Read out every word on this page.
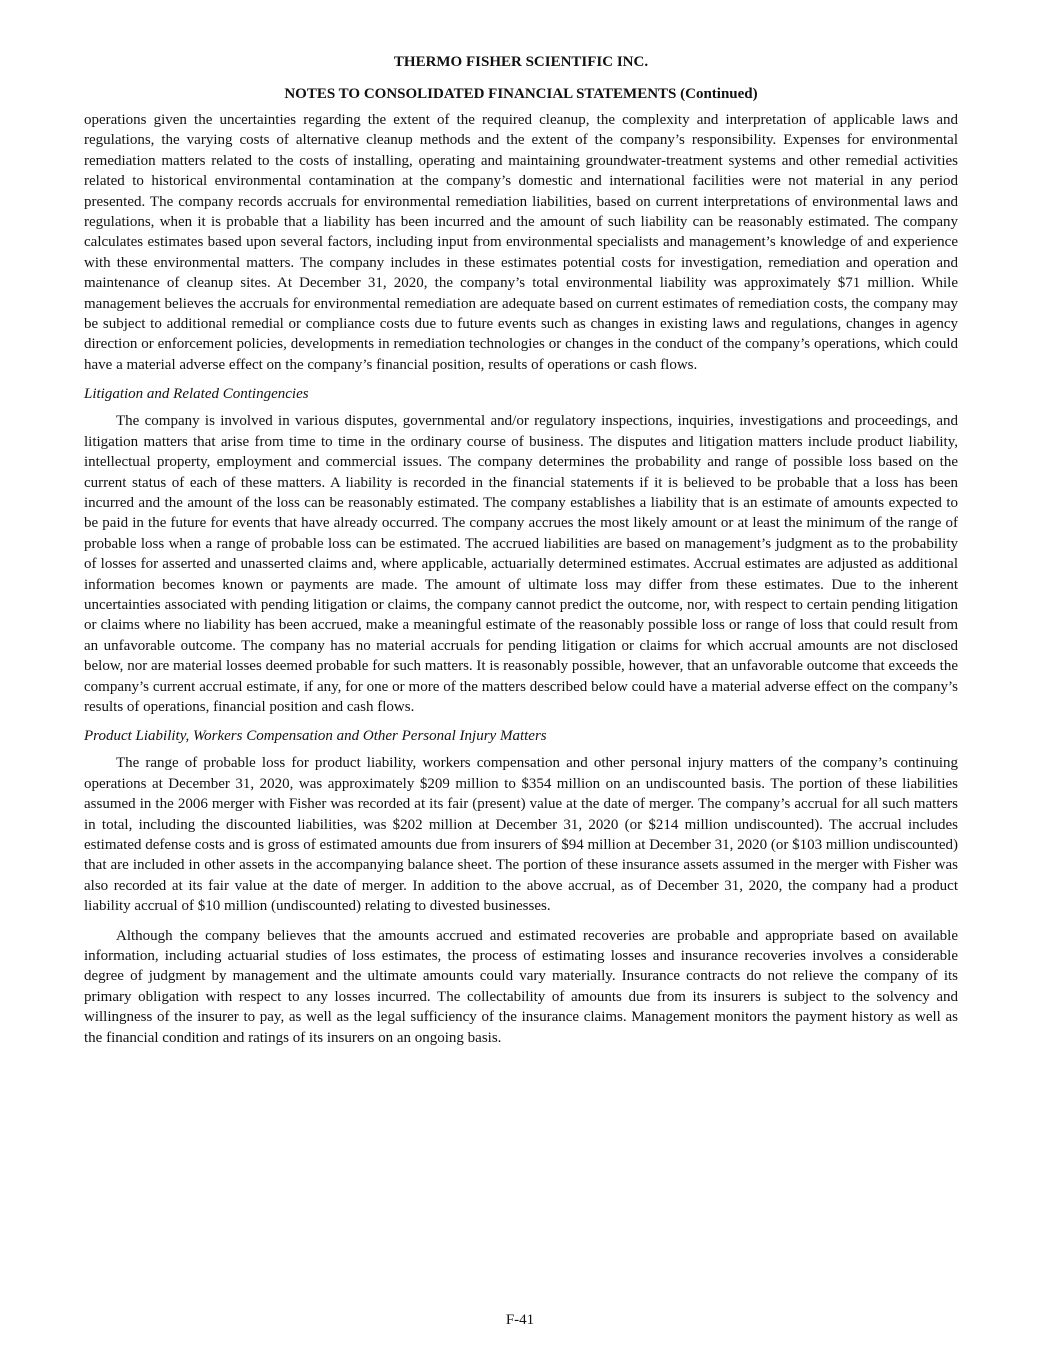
THERMO FISHER SCIENTIFIC INC.
NOTES TO CONSOLIDATED FINANCIAL STATEMENTS (Continued)

operations given the uncertainties regarding the extent of the required cleanup, the complexity and interpretation of applicable laws and regulations, the varying costs of alternative cleanup methods and the extent of the company’s responsibility. Expenses for environmental remediation matters related to the costs of installing, operating and maintaining groundwater-treatment systems and other remedial activities related to historical environmental contamination at the company’s domestic and international facilities were not material in any period presented. The company records accruals for environmental remediation liabilities, based on current interpretations of environmental laws and regulations, when it is probable that a liability has been incurred and the amount of such liability can be reasonably estimated. The company calculates estimates based upon several factors, including input from environmental specialists and management’s knowledge of and experience with these environmental matters. The company includes in these estimates potential costs for investigation, remediation and operation and maintenance of cleanup sites. At December 31, 2020, the company’s total environmental liability was approximately $71 million. While management believes the accruals for environmental remediation are adequate based on current estimates of remediation costs, the company may be subject to additional remedial or compliance costs due to future events such as changes in existing laws and regulations, changes in agency direction or enforcement policies, developments in remediation technologies or changes in the conduct of the company’s operations, which could have a material adverse effect on the company’s financial position, results of operations or cash flows.

Litigation and Related Contingencies

The company is involved in various disputes, governmental and/or regulatory inspections, inquiries, investigations and proceedings, and litigation matters that arise from time to time in the ordinary course of business. The disputes and litigation matters include product liability, intellectual property, employment and commercial issues. The company determines the probability and range of possible loss based on the current status of each of these matters. A liability is recorded in the financial statements if it is believed to be probable that a loss has been incurred and the amount of the loss can be reasonably estimated. The company establishes a liability that is an estimate of amounts expected to be paid in the future for events that have already occurred. The company accrues the most likely amount or at least the minimum of the range of probable loss when a range of probable loss can be estimated. The accrued liabilities are based on management’s judgment as to the probability of losses for asserted and unasserted claims and, where applicable, actuarially determined estimates. Accrual estimates are adjusted as additional information becomes known or payments are made. The amount of ultimate loss may differ from these estimates. Due to the inherent uncertainties associated with pending litigation or claims, the company cannot predict the outcome, nor, with respect to certain pending litigation or claims where no liability has been accrued, make a meaningful estimate of the reasonably possible loss or range of loss that could result from an unfavorable outcome. The company has no material accruals for pending litigation or claims for which accrual amounts are not disclosed below, nor are material losses deemed probable for such matters. It is reasonably possible, however, that an unfavorable outcome that exceeds the company’s current accrual estimate, if any, for one or more of the matters described below could have a material adverse effect on the company’s results of operations, financial position and cash flows.

Product Liability, Workers Compensation and Other Personal Injury Matters

The range of probable loss for product liability, workers compensation and other personal injury matters of the company’s continuing operations at December 31, 2020, was approximately $209 million to $354 million on an undiscounted basis. The portion of these liabilities assumed in the 2006 merger with Fisher was recorded at its fair (present) value at the date of merger. The company’s accrual for all such matters in total, including the discounted liabilities, was $202 million at December 31, 2020 (or $214 million undiscounted). The accrual includes estimated defense costs and is gross of estimated amounts due from insurers of $94 million at December 31, 2020 (or $103 million undiscounted) that are included in other assets in the accompanying balance sheet. The portion of these insurance assets assumed in the merger with Fisher was also recorded at its fair value at the date of merger. In addition to the above accrual, as of December 31, 2020, the company had a product liability accrual of $10 million (undiscounted) relating to divested businesses.

Although the company believes that the amounts accrued and estimated recoveries are probable and appropriate based on available information, including actuarial studies of loss estimates, the process of estimating losses and insurance recoveries involves a considerable degree of judgment by management and the ultimate amounts could vary materially. Insurance contracts do not relieve the company of its primary obligation with respect to any losses incurred. The collectability of amounts due from its insurers is subject to the solvency and willingness of the insurer to pay, as well as the legal sufficiency of the insurance claims. Management monitors the payment history as well as the financial condition and ratings of its insurers on an ongoing basis.

F-41
